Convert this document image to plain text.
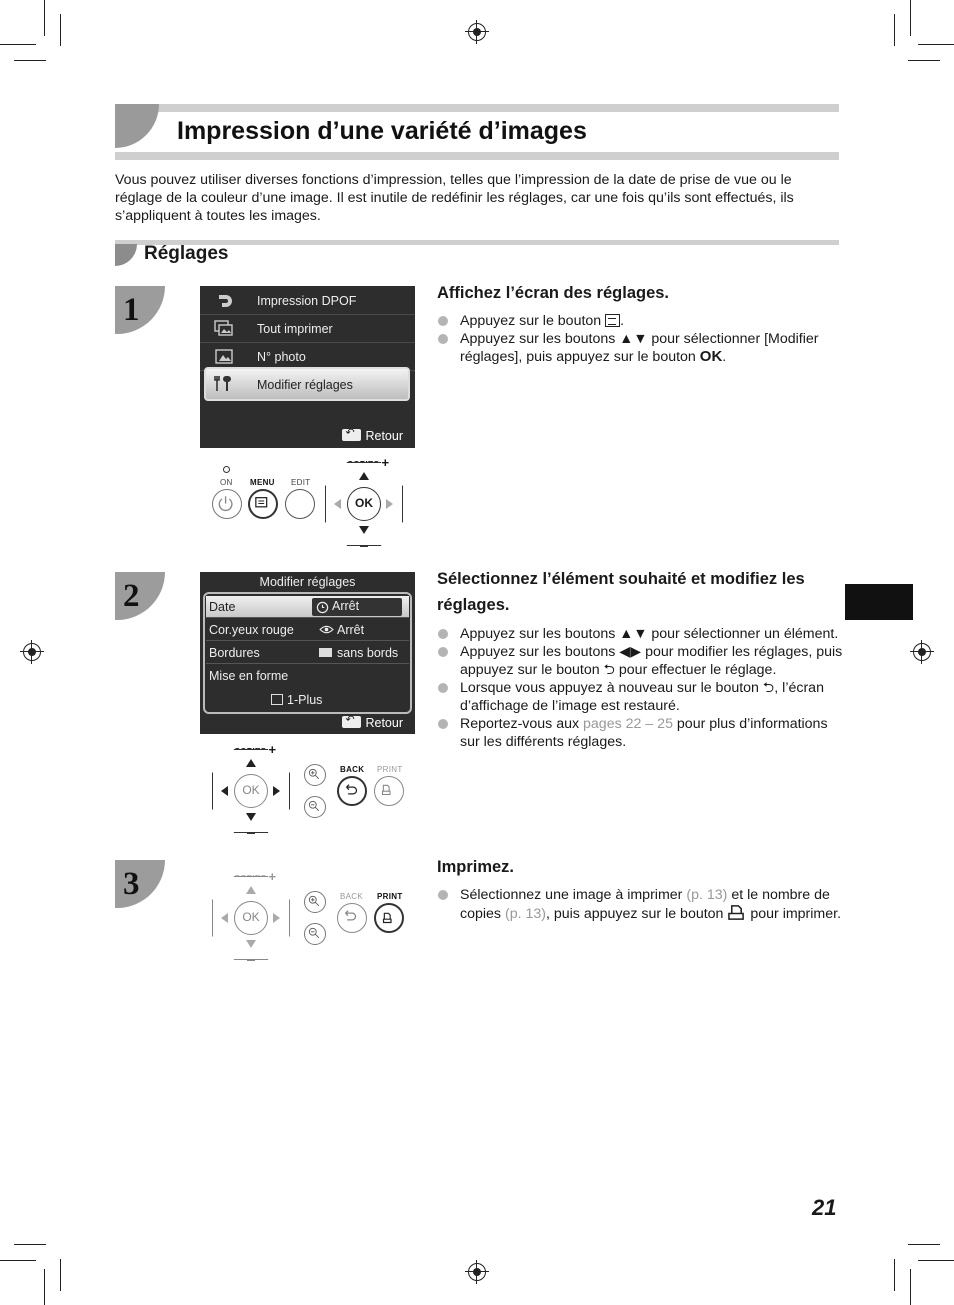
Impression d’une variété d’images

Vous pouvez utiliser diverses fonctions d’impression, telles que l’impression de la date de prise de vue ou le réglage de la couleur d’une image. Il est inutile de redéfinir les réglages, car une fois qu’ils sont effectués, ils s’appliquent à toutes les images.

Réglages
1	Impression DPOF
Tout imprimer
N° photo
Modifier réglages
↶Retour
ON MENU EDIT
+
OK
Affichez l’écran des réglages.
Appuyez sur le bouton .
Appuyez sur les boutons ▲▼ pour sélectionner [Modifier réglages], puis appuyez sur le bouton OK.
2	Modifier réglages
Date	Arrêt
Cor.yeux rouge	Arrêt
Bordures	sans bords
Mise en forme
1-Plus
↶Retour
+
OK
BACK PRINT
Sélectionnez l’élément souhaité et modifiez les réglages.
Appuyez sur les boutons ▲▼ pour sélectionner un élément.
Appuyez sur les boutons ◀▶ pour modifier les réglages, puis appuyez sur le bouton ⮌ pour effectuer le réglage.
Lorsque vous appuyez à nouveau sur le bouton ⮌, l’écran d’affichage de l’image est restauré.
Reportez-vous aux pages 22 – 25 pour plus d’informations sur les différents réglages.
3	+
OK
BACK PRINT
Imprimez.
Sélectionnez une image à imprimer (p. 13) et le nombre de copies (p. 13), puis appuyez sur le bouton pour imprimer.
21
